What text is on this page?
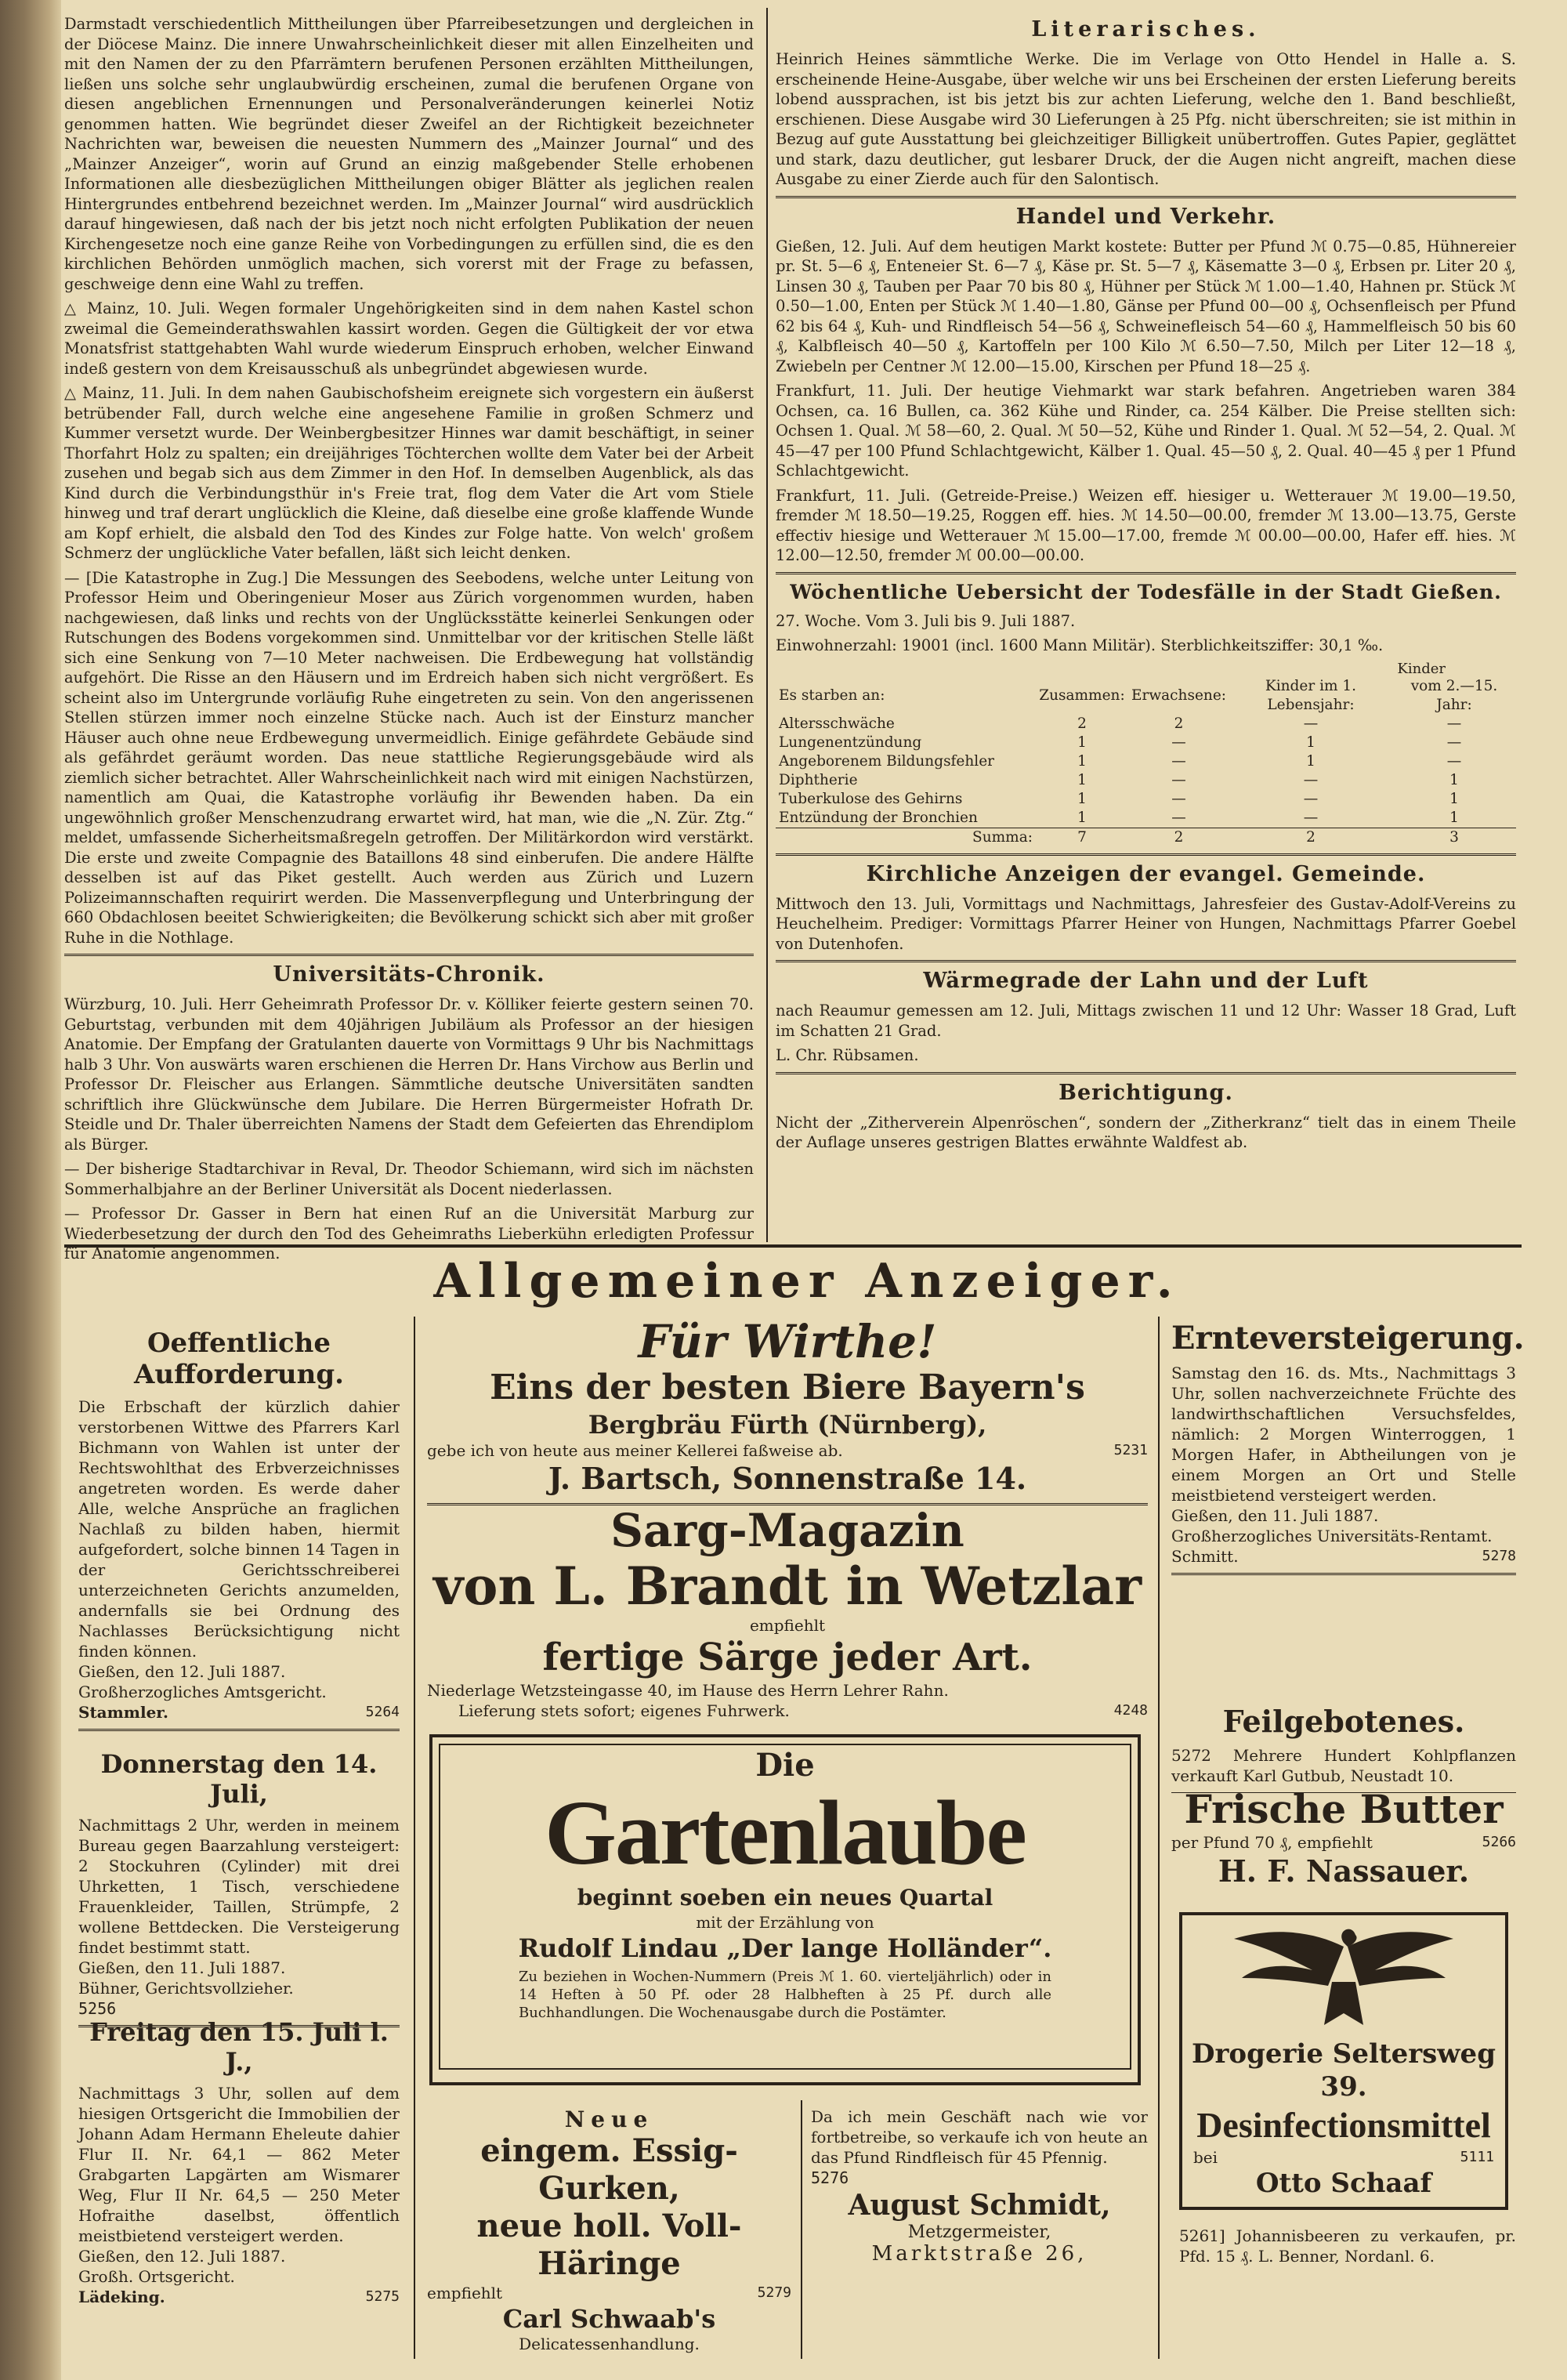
Darmstadt verschiedentlich Mittheilungen über Pfarreibesetzungen und dergleichen in der Diöcese Mainz. Die innere Unwahrscheinlichkeit dieser mit allen Einzelheiten und mit den Namen der zu den Pfarrämtern berufenen Personen erzählten Mittheilungen, ließen uns solche sehr unglaubwürdig erscheinen, zumal die berufenen Organe von diesen angeblichen Ernennungen und Personalveränderungen keinerlei Notiz genommen hatten. Wie begründet dieser Zweifel an der Richtigkeit bezeichneter Nachrichten war, beweisen die neuesten Nummern des „Mainzer Journal“ und des „Mainzer Anzeiger“, worin auf Grund an einzig maßgebender Stelle erhobenen Informationen alle diesbezüglichen Mittheilungen obiger Blätter als jeglichen realen Hintergrundes entbehrend bezeichnet werden. Im „Mainzer Journal“ wird ausdrücklich darauf hingewiesen, daß nach der bis jetzt noch nicht erfolgten Publikation der neuen Kirchengesetze noch eine ganze Reihe von Vorbedingungen zu erfüllen sind, die es den kirchlichen Behörden unmöglich machen, sich vorerst mit der Frage zu befassen, geschweige denn eine Wahl zu treffen.

△ Mainz, 10. Juli. Wegen formaler Ungehörigkeiten sind in dem nahen Kastel schon zweimal die Gemeinderathswahlen kassirt worden. Gegen die Gültigkeit der vor etwa Monatsfrist stattgehabten Wahl wurde wiederum Einspruch erhoben, welcher Einwand indeß gestern von dem Kreisausschuß als unbegründet abgewiesen wurde.

△ Mainz, 11. Juli. In dem nahen Gaubischofsheim ereignete sich vorgestern ein äußerst betrübender Fall, durch welche eine angesehene Familie in großen Schmerz und Kummer versetzt wurde. Der Weinbergbesitzer Hinnes war damit beschäftigt, in seiner Thorfahrt Holz zu spalten; ein dreijähriges Töchterchen wollte dem Vater bei der Arbeit zusehen und begab sich aus dem Zimmer in den Hof. In demselben Augenblick, als das Kind durch die Verbindungsthür in's Freie trat, flog dem Vater die Art vom Stiele hinweg und traf derart unglücklich die Kleine, daß dieselbe eine große klaffende Wunde am Kopf erhielt, die alsbald den Tod des Kindes zur Folge hatte. Von welch' großem Schmerz der unglückliche Vater befallen, läßt sich leicht denken.

— [Die Katastrophe in Zug.] Die Messungen des Seebodens, welche unter Leitung von Professor Heim und Oberingenieur Moser aus Zürich vorgenommen wurden, haben nachgewiesen, daß links und rechts von der Unglücksstätte keinerlei Senkungen oder Rutschungen des Bodens vorgekommen sind. Unmittelbar vor der kritischen Stelle läßt sich eine Senkung von 7—10 Meter nachweisen. Die Erdbewegung hat vollständig aufgehört. Die Risse an den Häusern und im Erdreich haben sich nicht vergrößert. Es scheint also im Untergrunde vorläufig Ruhe eingetreten zu sein. Von den angerissenen Stellen stürzen immer noch einzelne Stücke nach. Auch ist der Einsturz mancher Häuser auch ohne neue Erdbewegung unvermeidlich. Einige gefährdete Gebäude sind als gefährdet geräumt worden. Das neue stattliche Regierungsgebäude wird als ziemlich sicher betrachtet. Aller Wahrscheinlichkeit nach wird mit einigen Nachstürzen, namentlich am Quai, die Katastrophe vorläufig ihr Bewenden haben. Da ein ungewöhnlich großer Menschenzudrang erwartet wird, hat man, wie die „N. Zür. Ztg.“ meldet, umfassende Sicherheitsmaßregeln getroffen. Der Militärkordon wird verstärkt. Die erste und zweite Compagnie des Bataillons 48 sind einberufen. Die andere Hälfte desselben ist auf das Piket gestellt. Auch werden aus Zürich und Luzern Polizeimannschaften requirirt werden. Die Massenverpflegung und Unterbringung der 660 Obdachlosen beeitet Schwierigkeiten; die Bevölkerung schickt sich aber mit großer Ruhe in die Nothlage.

Universitäts-Chronik.

Würzburg, 10. Juli. Herr Geheimrath Professor Dr. v. Kölliker feierte gestern seinen 70. Geburtstag, verbunden mit dem 40jährigen Jubiläum als Professor an der hiesigen Anatomie. Der Empfang der Gratulanten dauerte von Vormittags 9 Uhr bis Nachmittags halb 3 Uhr. Von auswärts waren erschienen die Herren Dr. Hans Virchow aus Berlin und Professor Dr. Fleischer aus Erlangen. Sämmtliche deutsche Universitäten sandten schriftlich ihre Glückwünsche dem Jubilare. Die Herren Bürgermeister Hofrath Dr. Steidle und Dr. Thaler überreichten Namens der Stadt dem Gefeierten das Ehrendiplom als Bürger.

— Der bisherige Stadtarchivar in Reval, Dr. Theodor Schiemann, wird sich im nächsten Sommerhalbjahre an der Berliner Universität als Docent niederlassen.

— Professor Dr. Gasser in Bern hat einen Ruf an die Universität Marburg zur Wiederbesetzung der durch den Tod des Geheimraths Lieberkühn erledigten Professur für Anatomie angenommen.

Literarisches.

Heinrich Heines sämmtliche Werke. Die im Verlage von Otto Hendel in Halle a. S. erscheinende Heine-Ausgabe, über welche wir uns bei Erscheinen der ersten Lieferung bereits lobend aussprachen, ist bis jetzt bis zur achten Lieferung, welche den 1. Band beschließt, erschienen. Diese Ausgabe wird 30 Lieferungen à 25 Pfg. nicht überschreiten; sie ist mithin in Bezug auf gute Ausstattung bei gleichzeitiger Billigkeit unübertroffen. Gutes Papier, geglättet und stark, dazu deutlicher, gut lesbarer Druck, der die Augen nicht angreift, machen diese Ausgabe zu einer Zierde auch für den Salontisch.

Handel und Verkehr.

Gießen, 12. Juli. Auf dem heutigen Markt kostete: Butter per Pfund ℳ 0.75—0.85, Hühnereier pr. St. 5—6 ₰, Enteneier St. 6—7 ₰, Käse pr. St. 5—7 ₰, Käsematte 3—0 ₰, Erbsen pr. Liter 20 ₰, Linsen 30 ₰, Tauben per Paar 70 bis 80 ₰, Hühner per Stück ℳ 1.00—1.40, Hahnen pr. Stück ℳ 0.50—1.00, Enten per Stück ℳ 1.40—1.80, Gänse per Pfund 00—00 ₰, Ochsenfleisch per Pfund 62 bis 64 ₰, Kuh- und Rindfleisch 54—56 ₰, Schweinefleisch 54—60 ₰, Hammelfleisch 50 bis 60 ₰, Kalbfleisch 40—50 ₰, Kartoffeln per 100 Kilo ℳ 6.50—7.50, Milch per Liter 12—18 ₰, Zwiebeln per Centner ℳ 12.00—15.00, Kirschen per Pfund 18—25 ₰.

Frankfurt, 11. Juli. Der heutige Viehmarkt war stark befahren. Angetrieben waren 384 Ochsen, ca. 16 Bullen, ca. 362 Kühe und Rinder, ca. 254 Kälber. Die Preise stellten sich: Ochsen 1. Qual. ℳ 58—60, 2. Qual. ℳ 50—52, Kühe und Rinder 1. Qual. ℳ 52—54, 2. Qual. ℳ 45—47 per 100 Pfund Schlachtgewicht, Kälber 1. Qual. 45—50 ₰, 2. Qual. 40—45 ₰ per 1 Pfund Schlachtgewicht.

Frankfurt, 11. Juli. (Getreide-Preise.) Weizen eff. hiesiger u. Wetterauer ℳ 19.00—19.50, fremder ℳ 18.50—19.25, Roggen eff. hies. ℳ 14.50—00.00, fremder ℳ 13.00—13.75, Gerste effectiv hiesige und Wetterauer ℳ 15.00—17.00, fremde ℳ 00.00—00.00, Hafer eff. hies. ℳ 12.00—12.50, fremder ℳ 00.00—00.00.

Wöchentliche Uebersicht der Todesfälle in der Stadt Gießen.

27. Woche. Vom 3. Juli bis 9. Juli 1887.

Einwohnerzahl: 19001 (incl. 1600 Mann Militär). Sterblichkeitsziffer: 30,1 ‰.

Kinder
Es starben an:	Zusammen:	Erwachsene:	Kinder im 1. Lebensjahr:	vom 2.—15. Jahr:
Altersschwäche	2	2	—	—
Lungenentzündung	1	—	1	—
Angeborenem Bildungsfehler	1	—	1	—
Diphtherie	1	—	—	1
Tuberkulose des Gehirns	1	—	—	1
Entzündung der Bronchien	1	—	—	1
Summa:	7	2	2	3
Kirchliche Anzeigen der evangel. Gemeinde.

Mittwoch den 13. Juli, Vormittags und Nachmittags, Jahresfeier des Gustav-Adolf-Vereins zu Heuchelheim. Prediger: Vormittags Pfarrer Heiner von Hungen, Nachmittags Pfarrer Goebel von Dutenhofen.

Wärmegrade der Lahn und der Luft

nach Reaumur gemessen am 12. Juli, Mittags zwischen 11 und 12 Uhr: Wasser 18 Grad, Luft im Schatten 21 Grad.

L. Chr. Rübsamen.

Berichtigung.

Nicht der „Zitherverein Alpenröschen“, sondern der „Zitherkranz“ tielt das in einem Theile der Auflage unseres gestrigen Blattes erwähnte Waldfest ab.

Allgemeiner Anzeiger.
Oeffentliche Aufforderung.

Die Erbschaft der kürzlich dahier verstorbenen Wittwe des Pfarrers Karl Bichmann von Wahlen ist unter der Rechtswohlthat des Erbverzeichnisses angetreten worden. Es werde daher Alle, welche Ansprüche an fraglichen Nachlaß zu bilden haben, hiermit aufgefordert, solche binnen 14 Tagen in der Gerichtsschreiberei unterzeichneten Gerichts anzumelden, andernfalls sie bei Ordnung des Nachlasses Berücksichtigung nicht finden können.

Gießen, den 12. Juli 1887.

Großherzogliches Amtsgericht.

Stammler.	5264

Donnerstag den 14. Juli,

Nachmittags 2 Uhr, werden in meinem Bureau gegen Baarzahlung versteigert: 2 Stockuhren (Cylinder) mit drei Uhrketten, 1 Tisch, verschiedene Frauenkleider, Taillen, Strümpfe, 2 wollene Bettdecken. Die Versteigerung findet bestimmt statt.

Gießen, den 11. Juli 1887.

Bühner, Gerichtsvollzieher.

5256

Freitag den 15. Juli l. J.,

Nachmittags 3 Uhr, sollen auf dem hiesigen Ortsgericht die Immobilien der Johann Adam Hermann Eheleute dahier Flur II. Nr. 64,1 — 862 Meter Grabgarten Lapgärten am Wismarer Weg, Flur II Nr. 64,5 — 250 Meter Hofraithe daselbst, öffentlich meistbietend versteigert werden.

Gießen, den 12. Juli 1887.

Großh. Ortsgericht.

Lädeking.	5275

Für Wirthe!
Eins der besten Biere Bayern's
Bergbräu Fürth (Nürnberg),

gebe ich von heute aus meiner Kellerei faßweise ab.	5231

J. Bartsch, Sonnenstraße 14.
Sarg-Magazin
von L. Brandt in Wetzlar
empfiehlt
fertige Särge jeder Art.

Niederlage Wetzsteingasse 40, im Hause des Herrn Lehrer Rahn.

Lieferung stets sofort; eigenes Fuhrwerk.	4248

Die
Gartenlaube
beginnt soeben ein neues Quartal
mit der Erzählung von
Rudolf Lindau „Der lange Holländer“.

Zu beziehen in Wochen-Nummern (Preis ℳ 1. 60. vierteljährlich) oder in 14 Heften à 50 Pf. oder 28 Halbheften à 25 Pf. durch alle Buchhandlungen. Die Wochenausgabe durch die Postämter.

Neue
eingem. Essig-Gurken,
neue holl. Voll-Häringe

empfiehlt	5279

Carl Schwaab's
Delicatessenhandlung.

Da ich mein Geschäft nach wie vor fortbetreibe, so verkaufe ich von heute an das Pfund Rindfleisch für 45 Pfennig.

5276

August Schmidt,
Metzgermeister,
Marktstraße 26,
Ernteversteigerung.

Samstag den 16. ds. Mts., Nachmittags 3 Uhr, sollen nachverzeichnete Früchte des landwirthschaftlichen Versuchsfeldes, nämlich: 2 Morgen Winterroggen, 1 Morgen Hafer, in Abtheilungen von je einem Morgen an Ort und Stelle meistbietend versteigert werden.

Gießen, den 11. Juli 1887.

Großherzogliches Universitäts-Rentamt.

Schmitt.	5278

Feilgebotenes.

5272 Mehrere Hundert Kohlpflanzen verkauft Karl Gutbub, Neustadt 10.

Frische Butter

per Pfund 70 ₰, empfiehlt	5266

H. F. Nassauer.
Drogerie Seltersweg 39.
Desinfectionsmittel

bei	5111

Otto Schaaf

5261] Johannisbeeren zu verkaufen, pr. Pfd. 15 ₰. L. Benner, Nordanl. 6.
